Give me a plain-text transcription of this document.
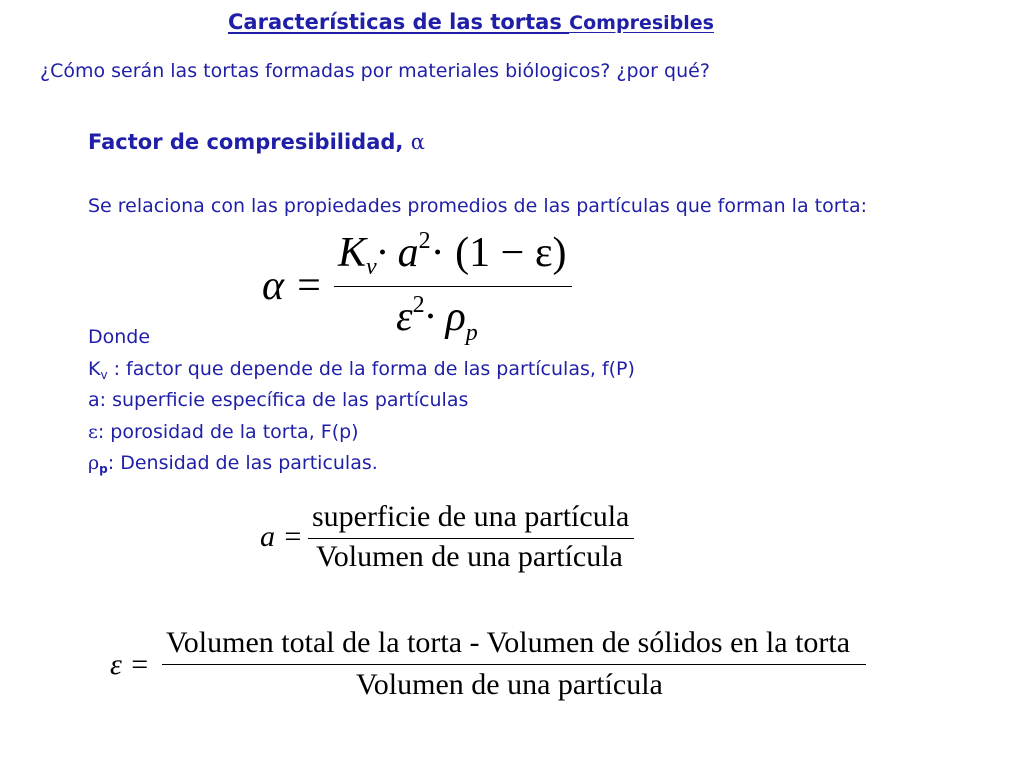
Características de las tortas Compresibles
¿Cómo serán las tortas formadas por materiales biólogicos? ¿por qué?
Factor de compresibilidad, α
Se relaciona con las propiedades promedios de las partículas que forman la torta:
α =
$Kv\cdot a^2\cdot (1 - \varepsilon)$
$\varepsilon^2\cdot \rho_p$
Donde
$K_v$ : factor que depende de la forma de las partículas, f(P)
a: superficie específica de las partículas
ε: porosidad de la torta, F(p)
$\rho_p$: Densidad de las particulas.
a =
superficie de una partícula
Volumen de una partícula
ε =
Volumen total de la torta - Volumen de sólidos en la torta
Volumen de una partícula
